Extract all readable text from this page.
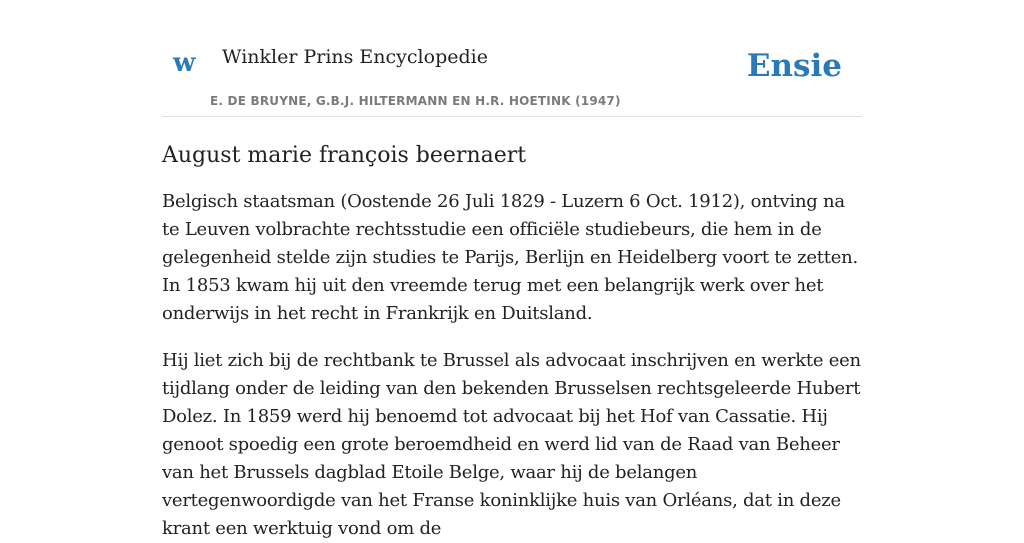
w Winkler Prins Encyclopedie	Ensie
E. DE BRUYNE, G.B.J. HILTERMANN EN H.R. HOETINK (1947)
August marie françois beernaert

Belgisch staatsman (Oostende 26 Juli 1829 - Luzern 6 Oct. 1912), ontving na te Leuven volbrachte rechtsstudie een officiële studiebeurs, die hem in de gelegenheid stelde zijn studies te Parijs, Berlijn en Heidelberg voort te zetten. In 1853 kwam hij uit den vreemde terug met een belangrijk werk over het onderwijs in het recht in Frankrijk en Duitsland.

Hij liet zich bij de rechtbank te Brussel als advocaat inschrijven en werkte een tijdlang onder de leiding van den bekenden Brusselsen rechtsgeleerde Hubert Dolez. In 1859 werd hij benoemd tot advocaat bij het Hof van Cassatie. Hij genoot spoedig een grote beroemdheid en werd lid van de Raad van Beheer van het Brussels dagblad Etoile Belge, waar hij de belangen vertegenwoordigde van het Franse koninklijke huis van Orléans, dat in deze krant een werktuig vond om de
